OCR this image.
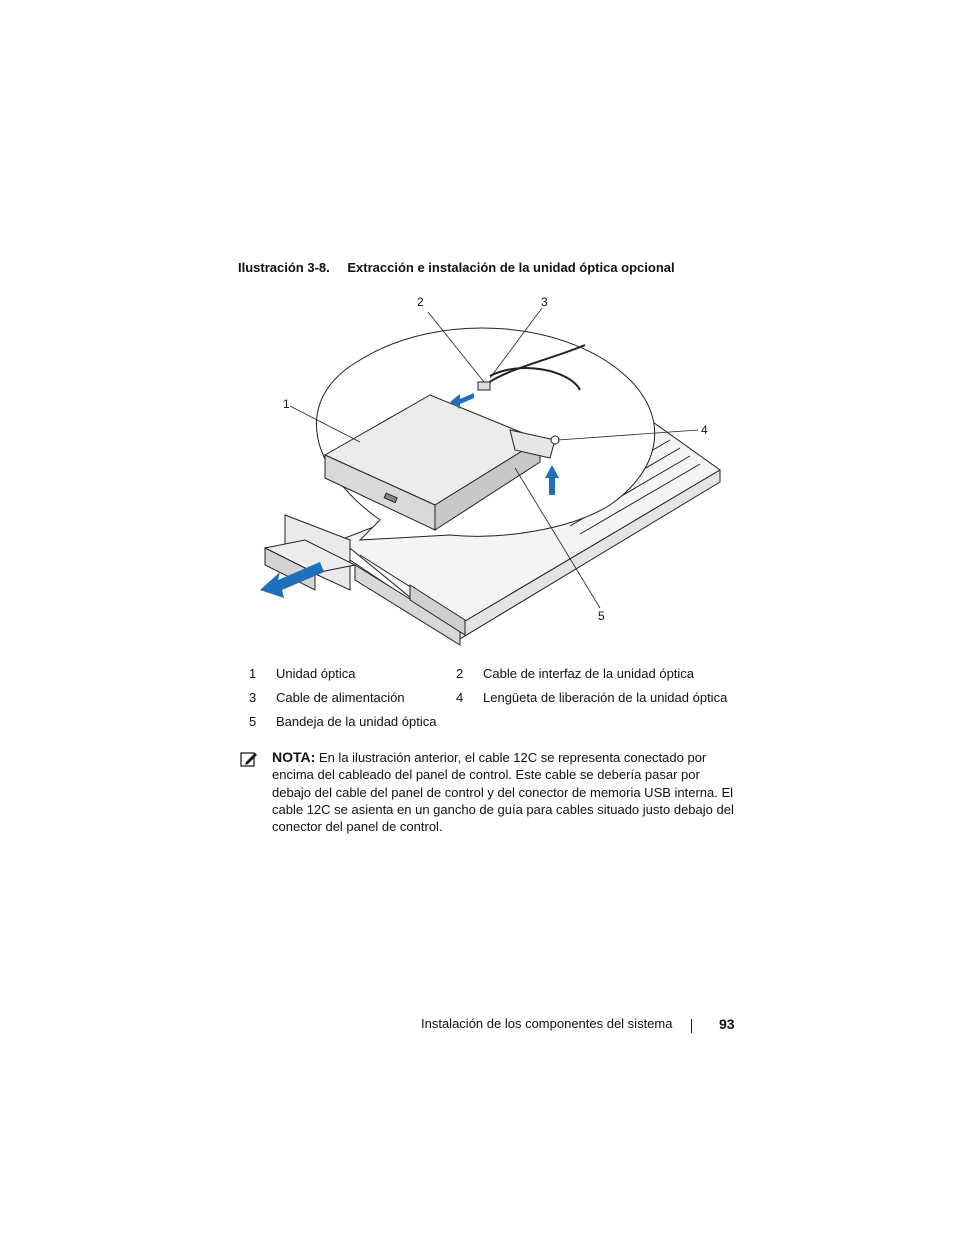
Ilustración 3-8. Extracción e instalación de la unidad óptica opcional
1
2	3
4
5
1 Unidad óptica	2 Cable de interfaz de la unidad óptica
3 Cable de alimentación	4 Lengüeta de liberación de la unidad óptica
5 Bandeja de la unidad óptica
NOTA: En la ilustración anterior, el cable 12C se representa conectado por encima del cableado del panel de control. Este cable se debería pasar por debajo del cable del panel de control y del conector de memoria USB interna. El cable 12C se asienta en un gancho de guía para cables situado justo debajo del conector del panel de control.
Instalación de los componentes del sistema	93
